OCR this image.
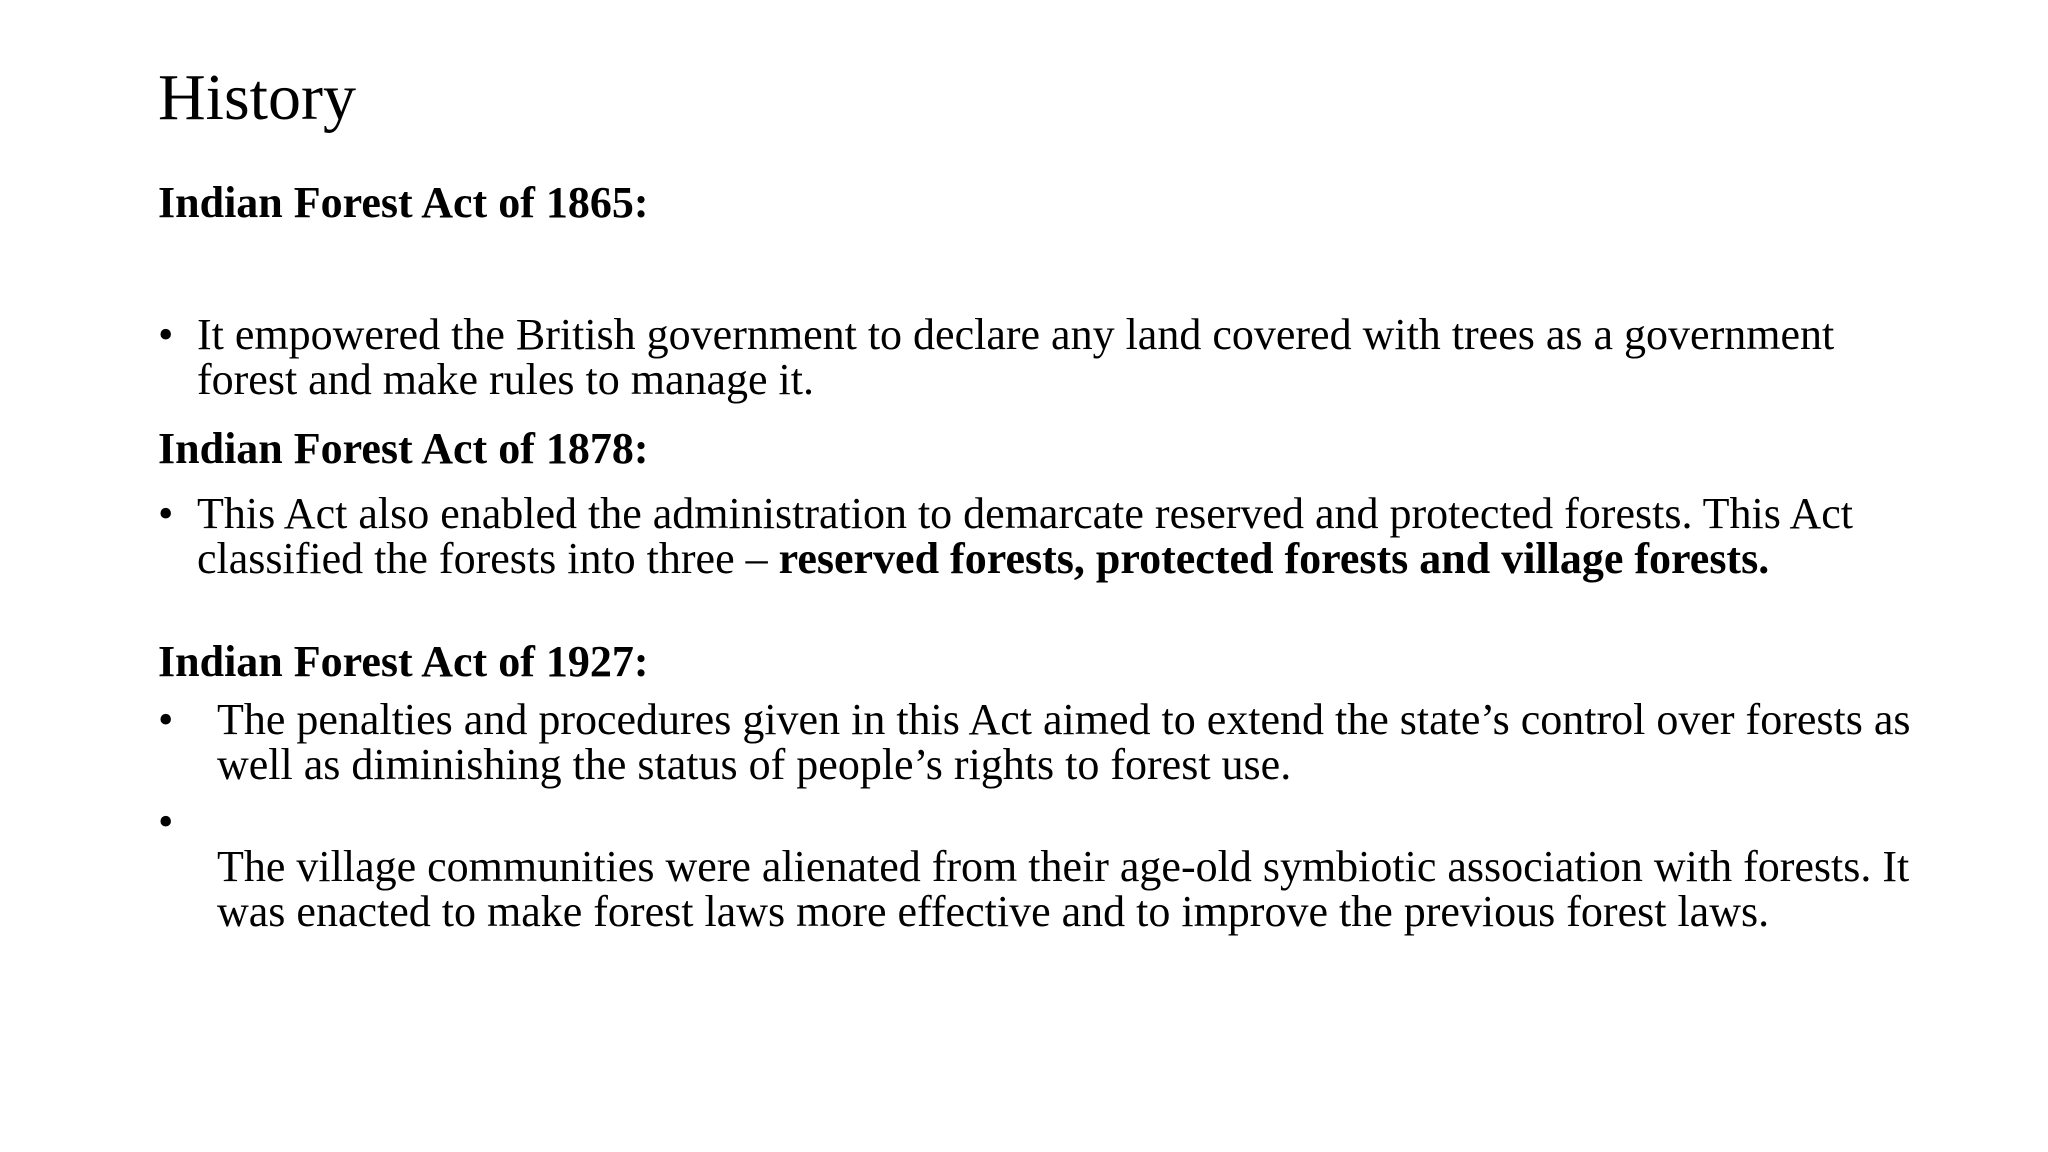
History
Indian Forest Act of 1865:
• It empowered the British government to declare any land covered with trees as a government forest and make rules to manage it.
Indian Forest Act of 1878:
• This Act also enabled the administration to demarcate reserved and protected forests. This Act classified the forests into three – reserved forests, protected forests and village forests.
Indian Forest Act of 1927:
• The penalties and procedures given in this Act aimed to extend the state’s control over forests as well as diminishing the status of people’s rights to forest use.
•
The village communities were alienated from their age-old symbiotic association with forests. It was enacted to make forest laws more effective and to improve the previous forest laws.
